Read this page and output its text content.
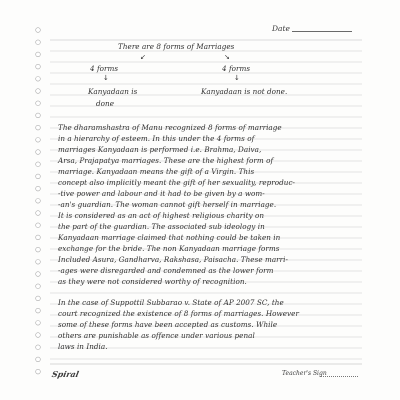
Date
There are 8 forms of Marriages
↙	↘
4 forms	4 forms
↓	↓
Kanyadaan is
done
Kanyadaan is not done.
The dharamshastra of Manu recognized 8 forms of marriage
in a hierarchy of esteem. In this under the 4 forms of
marriages Kanyadaan is performed i.e. Brahma, Daiva,
Arsa, Prajapatya marriages. These are the highest form of
marriage. Kanyadaan means the gift of a Virgin. This
concept also implicitly meant the gift of her sexuality, reproduc-
-tive power and labour and it had to be given by a wom-
-an's guardian. The woman cannot gift herself in marriage.
It is considered as an act of highest religious charity on
the part of the guardian. The associated sub ideology in
Kanyadaan marriage claimed that nothing could be taken in
exchange for the bride. The non Kanyadaan marriage forms
Included Asura, Gandharva, Rakshasa, Paisacha. These marri-
-ages were disregarded and condemned as the lower form
as they were not considered worthy of recognition.
In the case of Suppottil Subbarao v. State of AP 2007 SC, the
court recognized the existence of 8 forms of marriages. However
some of these forms have been accepted as customs. While
others are punishable as offence under various penal
laws in India.
Spiral	Teacher's Sign
